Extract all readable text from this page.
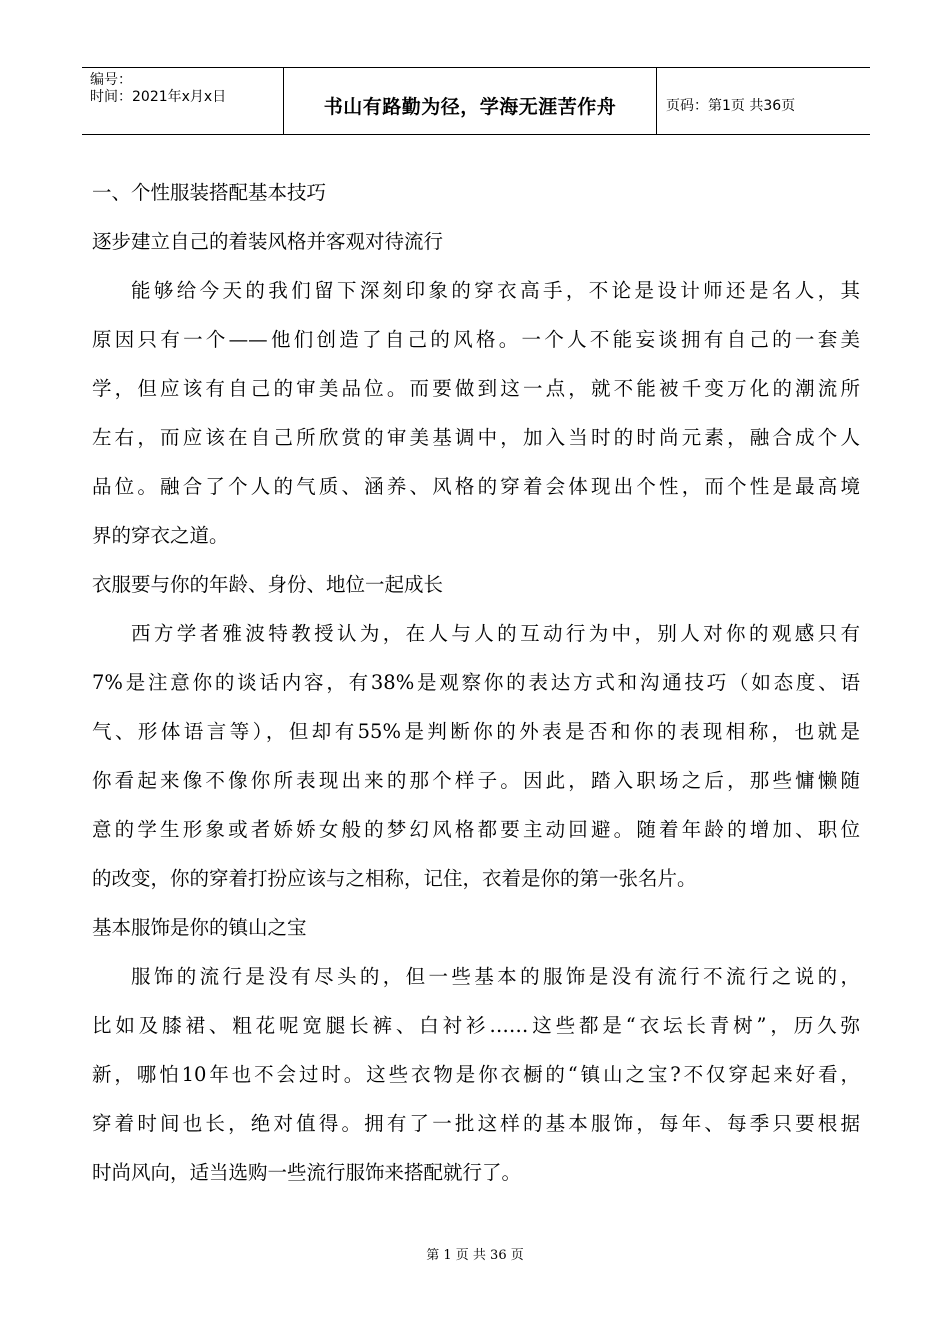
编号：
时间：2021年x月x日	书山有路勤为径，学海无涯苦作舟	页码：第1页 共36页
一、个性服装搭配基本技巧
逐步建立自己的着装风格并客观对待流行
能够给今天的我们留下深刻印象的穿衣高手，不论是设计师还是名人，其
原因只有一个——他们创造了自己的风格。一个人不能妄谈拥有自己的一套美
学，但应该有自己的审美品位。而要做到这一点，就不能被千变万化的潮流所
左右，而应该在自己所欣赏的审美基调中，加入当时的时尚元素，融合成个人
品位。融合了个人的气质、涵养、风格的穿着会体现出个性，而个性是最高境
界的穿衣之道。
衣服要与你的年龄、身份、地位一起成长
西方学者雅波特教授认为，在人与人的互动行为中，别人对你的观感只有
7%是注意你的谈话内容，有38%是观察你的表达方式和沟通技巧（如态度、语
气、形体语言等），但却有55%是判断你的外表是否和你的表现相称，也就是
你看起来像不像你所表现出来的那个样子。因此，踏入职场之后，那些慵懒随
意的学生形象或者娇娇女般的梦幻风格都要主动回避。随着年龄的增加、职位
的改变，你的穿着打扮应该与之相称，记住，衣着是你的第一张名片。
基本服饰是你的镇山之宝
服饰的流行是没有尽头的，但一些基本的服饰是没有流行不流行之说的，
比如及膝裙、粗花呢宽腿长裤、白衬衫……这些都是“衣坛长青树”，历久弥
新，哪怕10年也不会过时。这些衣物是你衣橱的“镇山之宝?不仅穿起来好看，
穿着时间也长，绝对值得。拥有了一批这样的基本服饰，每年、每季只要根据
时尚风向，适当选购一些流行服饰来搭配就行了。
第 1 页 共 36 页
